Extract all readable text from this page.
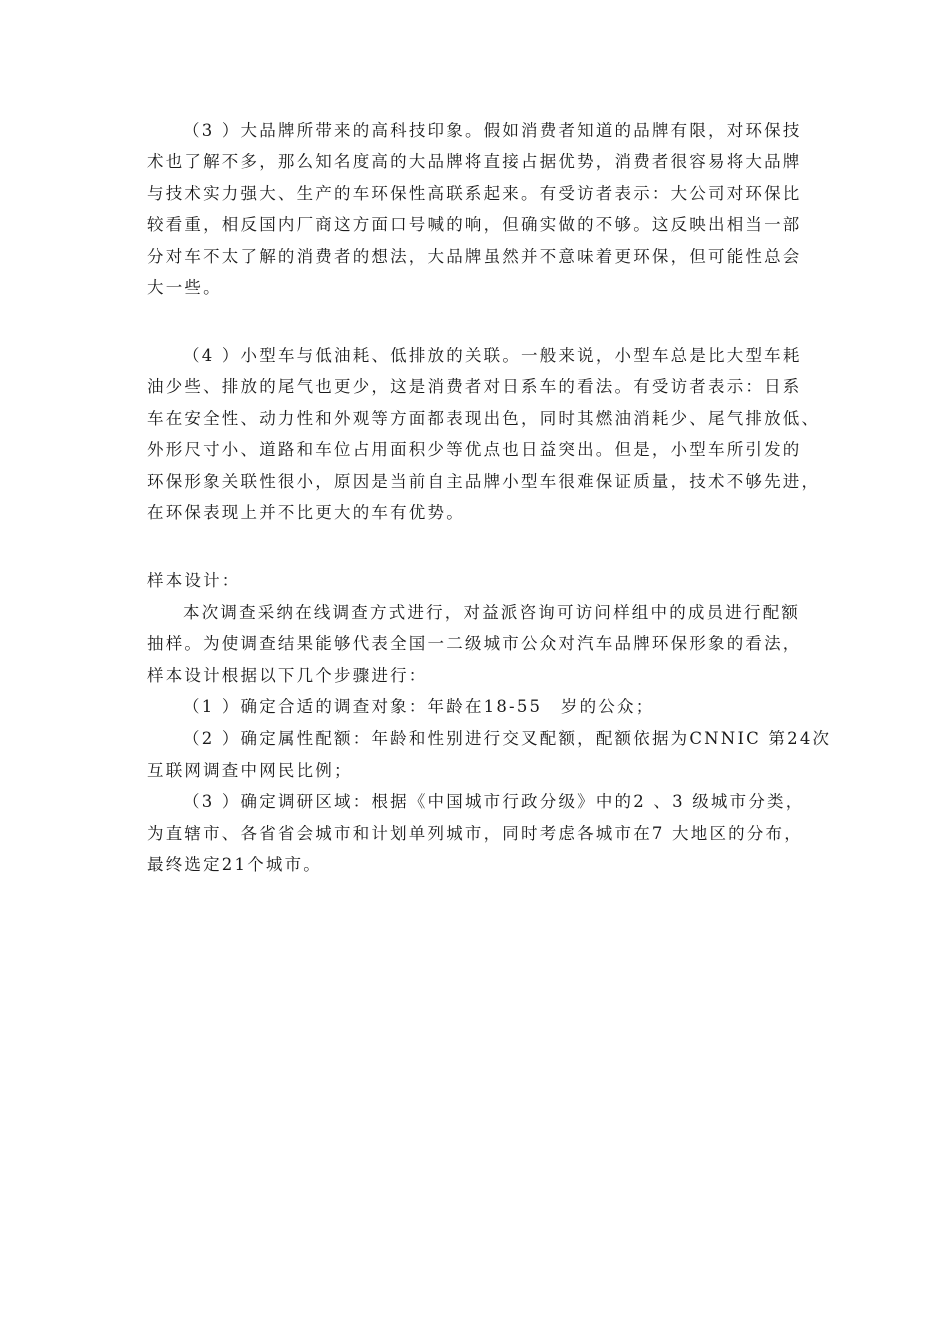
（3 ）大品牌所带来的高科技印象。假如消费者知道的品牌有限，对环保技
术也了解不多，那么知名度高的大品牌将直接占据优势，消费者很容易将大品牌
与技术实力强大、生产的车环保性高联系起来。有受访者表示：大公司对环保比
较看重，相反国内厂商这方面口号喊的响，但确实做的不够。这反映出相当一部
分对车不太了解的消费者的想法，大品牌虽然并不意味着更环保，但可能性总会
大一些。
（4 ）小型车与低油耗、低排放的关联。一般来说，小型车总是比大型车耗
油少些、排放的尾气也更少，这是消费者对日系车的看法。有受访者表示：日系
车在安全性、动力性和外观等方面都表现出色，同时其燃油消耗少、尾气排放低、
外形尺寸小、道路和车位占用面积少等优点也日益突出。但是，小型车所引发的
环保形象关联性很小，原因是当前自主品牌小型车很难保证质量，技术不够先进，
在环保表现上并不比更大的车有优势。
样本设计：
本次调查采纳在线调查方式进行，对益派咨询可访问样组中的成员进行配额
抽样。为使调查结果能够代表全国一二级城市公众对汽车品牌环保形象的看法，
样本设计根据以下几个步骤进行：
（1 ）确定合适的调查对象：年龄在18-55　岁的公众；
（2 ）确定属性配额：年龄和性别进行交叉配额，配额依据为CNNIC 第24次
互联网调查中网民比例；
（3 ）确定调研区域：根据《中国城市行政分级》中的2 、3 级城市分类，
为直辖市、各省省会城市和计划单列城市，同时考虑各城市在7 大地区的分布，
最终选定21个城市。
